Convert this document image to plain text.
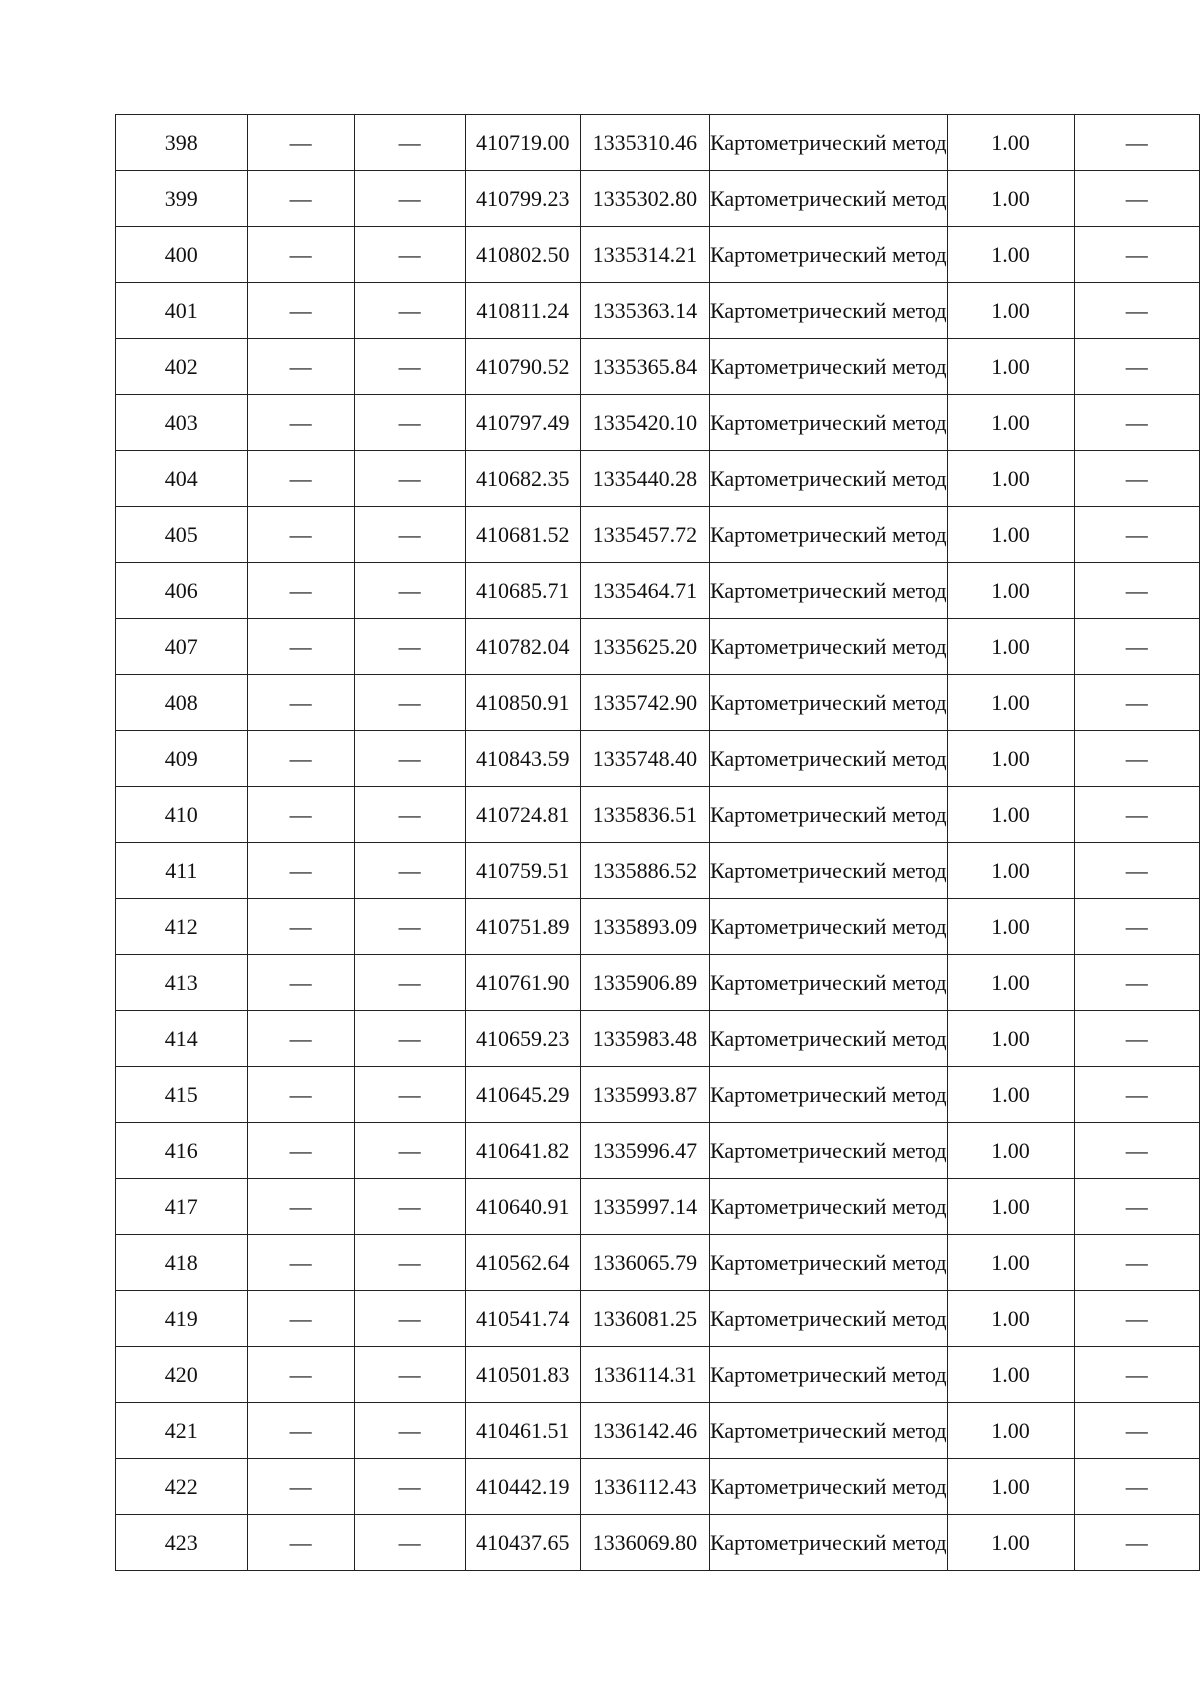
398	—	—	410719.00	1335310.46	Картометрический метод	1.00	—
399	—	—	410799.23	1335302.80	Картометрический метод	1.00	—
400	—	—	410802.50	1335314.21	Картометрический метод	1.00	—
401	—	—	410811.24	1335363.14	Картометрический метод	1.00	—
402	—	—	410790.52	1335365.84	Картометрический метод	1.00	—
403	—	—	410797.49	1335420.10	Картометрический метод	1.00	—
404	—	—	410682.35	1335440.28	Картометрический метод	1.00	—
405	—	—	410681.52	1335457.72	Картометрический метод	1.00	—
406	—	—	410685.71	1335464.71	Картометрический метод	1.00	—
407	—	—	410782.04	1335625.20	Картометрический метод	1.00	—
408	—	—	410850.91	1335742.90	Картометрический метод	1.00	—
409	—	—	410843.59	1335748.40	Картометрический метод	1.00	—
410	—	—	410724.81	1335836.51	Картометрический метод	1.00	—
411	—	—	410759.51	1335886.52	Картометрический метод	1.00	—
412	—	—	410751.89	1335893.09	Картометрический метод	1.00	—
413	—	—	410761.90	1335906.89	Картометрический метод	1.00	—
414	—	—	410659.23	1335983.48	Картометрический метод	1.00	—
415	—	—	410645.29	1335993.87	Картометрический метод	1.00	—
416	—	—	410641.82	1335996.47	Картометрический метод	1.00	—
417	—	—	410640.91	1335997.14	Картометрический метод	1.00	—
418	—	—	410562.64	1336065.79	Картометрический метод	1.00	—
419	—	—	410541.74	1336081.25	Картометрический метод	1.00	—
420	—	—	410501.83	1336114.31	Картометрический метод	1.00	—
421	—	—	410461.51	1336142.46	Картометрический метод	1.00	—
422	—	—	410442.19	1336112.43	Картометрический метод	1.00	—
423	—	—	410437.65	1336069.80	Картометрический метод	1.00	—
